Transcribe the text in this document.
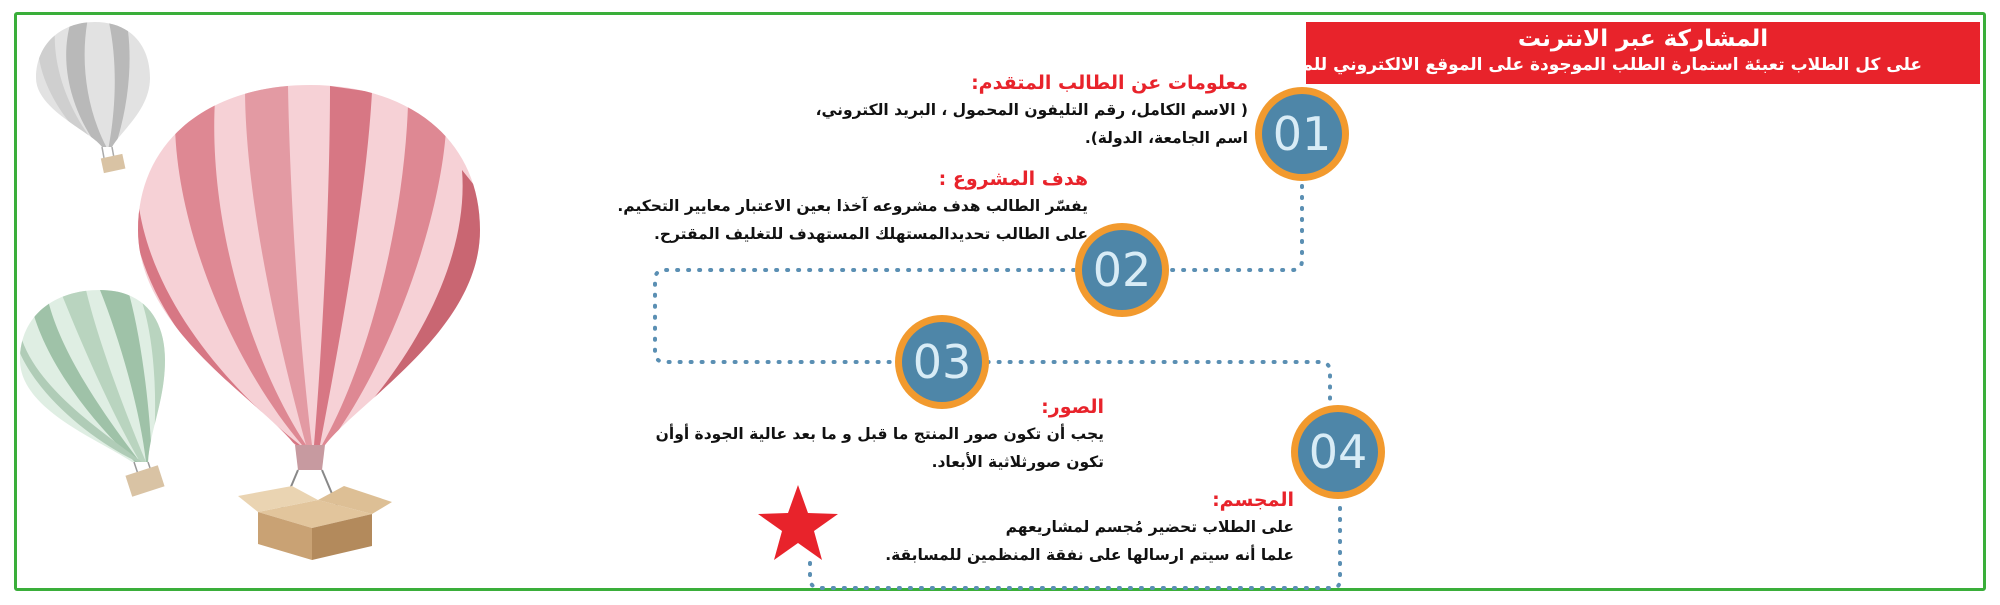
01
02
03
04
المشاركة عبر الانترنت
على كل الطلاب تعبئة استمارة الطلب الموجودة على الموقع الالكتروني للمسابقة:
معلومات عن الطالب المتقدم:
( الاسم الكامل، رقم التليفون المحمول ، البريد الكتروني،
اسم الجامعة، الدولة).
هدف المشروع :
يفسّر الطالب هدف مشروعه آخذا بعين الاعتبار معايير التحكيم.
على الطالب تحديدالمستهلك المستهدف للتغليف المقترح.
الصور:
يجب أن تكون صور المنتج ما قبل و ما بعد عالية الجودة أوأن
تكون صورثلاثية الأبعاد.
المجسم:
على الطلاب تحضير مُجسم لمشاريعهم
علما أنه سيتم ارسالها على نفقة المنظمين للمسابقة.
